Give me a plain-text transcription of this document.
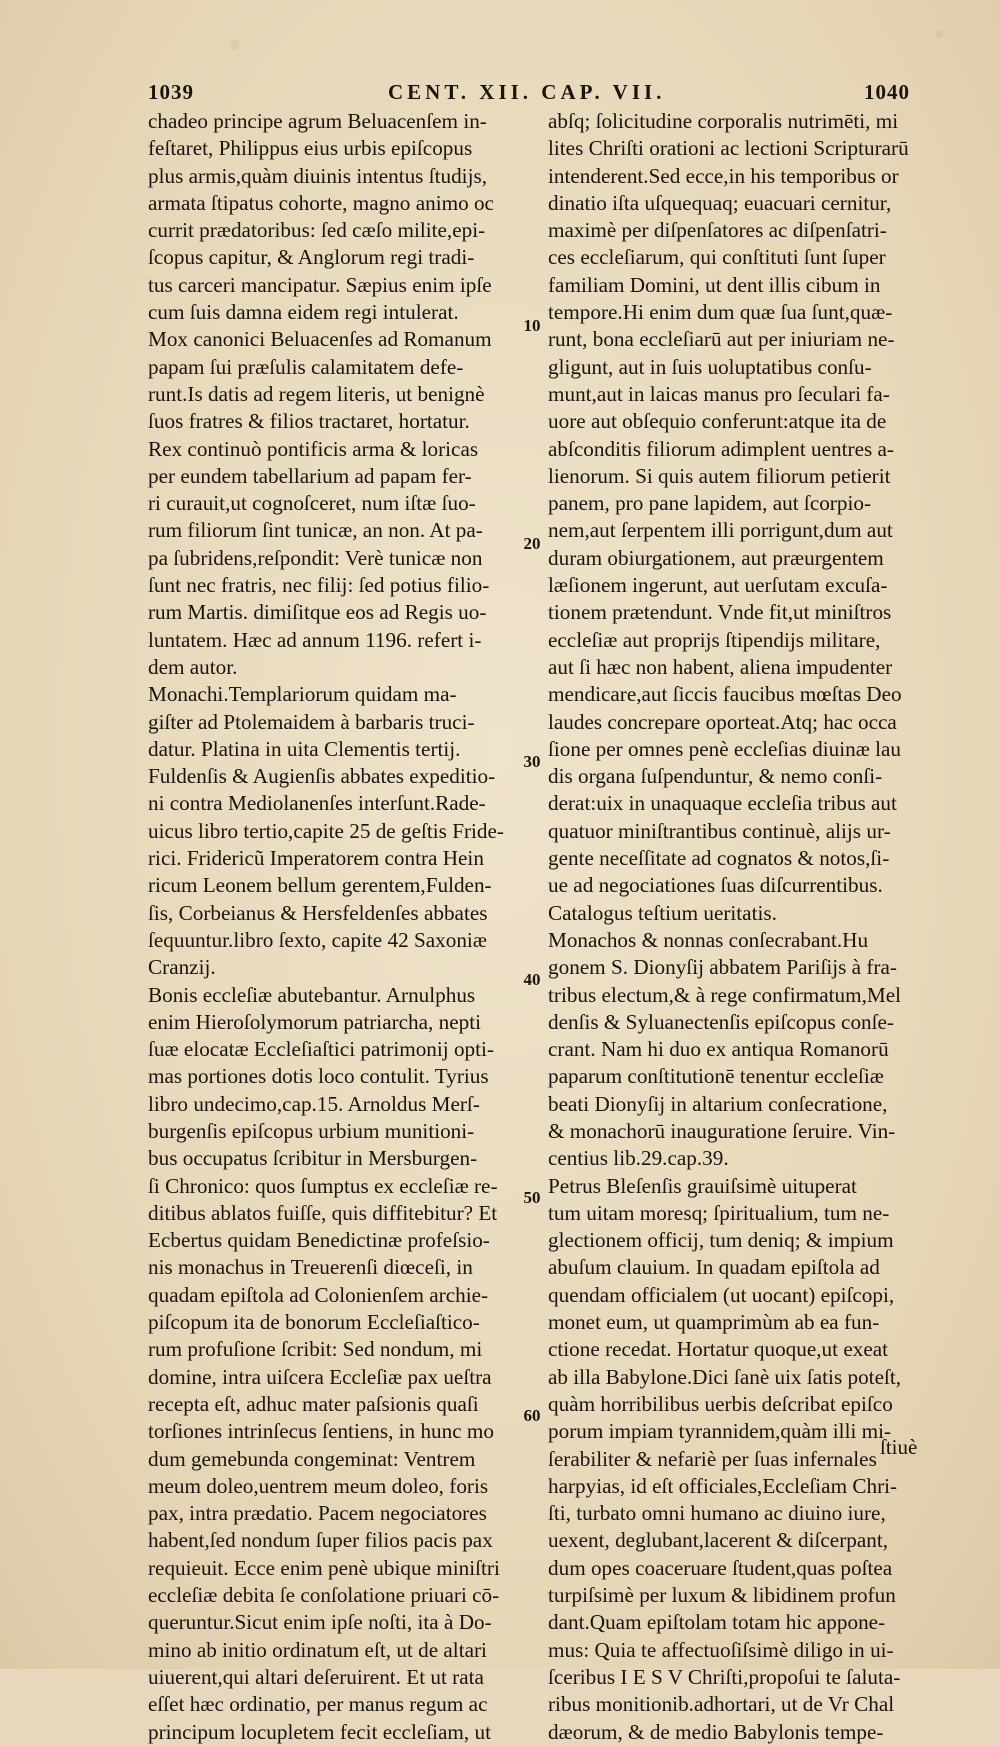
1039	CENT. XII. CAP. VII.	1040
chadeo principe agrum Beluacenſem in-
feſtaret, Philippus eius urbis epiſcopus
plus armis,quàm diuinis intentus ſtudijs,
armata ſtipatus cohorte, magno animo oc
currit prædatoribus: ſed cæſo milite,epi-
ſcopus capitur, & Anglorum regi tradi-
tus carceri mancipatur. Sæpius enim ipſe
cum ſuis damna eidem regi intulerat.
Mox canonici Beluacenſes ad Romanum
papam ſui præſulis calamitatem defe-
runt.Is datis ad regem literis, ut benignè
ſuos fratres & filios tractaret, hortatur.
Rex continuò pontificis arma & loricas
per eundem tabellarium ad papam fer-
ri curauit,ut cognoſceret, num iſtæ ſuo-
rum filiorum ſint tunicæ, an non. At pa-
pa ſubridens,reſpondit: Verè tunicæ non
ſunt nec fratris, nec filij: ſed potius filio-
rum Martis. dimiſitque eos ad Regis uo-
luntatem. Hæc ad annum 1196. refert i-
dem autor.
Monachi.Templariorum quidam ma-
giſter ad Ptolemaidem à barbaris truci-
datur. Platina in uita Clementis tertij.
Fuldenſis & Augienſis abbates expeditio-
ni contra Mediolanenſes interſunt.Rade-
uicus libro tertio,capite 25 de geſtis Fride-
rici. Fridericũ Imperatorem contra Hein
ricum Leonem bellum gerentem,Fulden-
ſis, Corbeianus & Hersfeldenſes abbates
ſequuntur.libro ſexto, capite 42 Saxoniæ
Cranzij.
Bonis eccleſiæ abutebantur. Arnulphus
enim Hieroſolymorum patriarcha, nepti
ſuæ elocatæ Eccleſiaſtici patrimonij opti-
mas portiones dotis loco contulit. Tyrius
libro undecimo,cap.15. Arnoldus Merſ-
burgenſis epiſcopus urbium munitioni-
bus occupatus ſcribitur in Mersburgen-
ſi Chronico: quos ſumptus ex eccleſiæ re-
ditibus ablatos fuiſſe, quis diffitebitur? Et
Ecbertus quidam Benedictinæ profeſsio-
nis monachus in Treuerenſi diœceſi, in
quadam epiſtola ad Colonienſem archie-
piſcopum ita de bonorum Eccleſiaſtico-
rum profuſione ſcribit: Sed nondum, mi
domine, intra uiſcera Eccleſiæ pax ueſtra
recepta eſt, adhuc mater paſsionis quaſi
torſiones intrinſecus ſentiens, in hunc mo
dum gemebunda congeminat: Ventrem
meum doleo,uentrem meum doleo, foris
pax, intra prædatio. Pacem negociatores
habent,ſed nondum ſuper filios pacis pax
requieuit. Ecce enim penè ubique miniſtri
eccleſiæ debita ſe conſolatione priuari cō-
queruntur.Sicut enim ipſe noſti, ita à Do-
mino ab initio ordinatum eſt, ut de altari
uiuerent,qui altari deſeruirent. Et ut rata
eſſet hæc ordinatio, per manus regum ac
principum locupletem fecit eccleſiam, ut
abſq; ſolicitudine corporalis nutrimēti, mi
lites Chriſti orationi ac lectioni Scripturarū
intenderent.Sed ecce,in his temporibus or
dinatio iſta uſquequaq; euacuari cernitur,
maximè per diſpenſatores ac diſpenſatri-
ces eccleſiarum, qui conſtituti ſunt ſuper
familiam Domini, ut dent illis cibum in
tempore.Hi enim dum quæ ſua ſunt,quæ-
runt, bona eccleſiarū aut per iniuriam ne-
gligunt, aut in ſuis uoluptatibus conſu-
munt,aut in laicas manus pro ſeculari fa-
uore aut obſequio conferunt:atque ita de
abſconditis filiorum adimplent uentres a-
lienorum. Si quis autem filiorum petierit
panem, pro pane lapidem, aut ſcorpio-
nem,aut ſerpentem illi porrigunt,dum aut
duram obiurgationem, aut præurgentem
læſionem ingerunt, aut uerſutam excuſa-
tionem prætendunt. Vnde fit,ut miniſtros
eccleſiæ aut proprijs ſtipendijs militare,
aut ſi hæc non habent, aliena impudenter
mendicare,aut ſiccis faucibus mœſtas Deo
laudes concrepare oporteat.Atq; hac occa
ſione per omnes penè eccleſias diuinæ lau
dis organa ſuſpenduntur, & nemo conſi-
derat:uix in unaquaque eccleſia tribus aut
quatuor miniſtrantibus continuè, alijs ur-
gente neceſſitate ad cognatos & notos,ſi-
ue ad negociationes ſuas diſcurrentibus.
Catalogus teſtium ueritatis.
Monachos & nonnas conſecrabant.Hu
gonem S. Dionyſij abbatem Pariſijs à fra-
tribus electum,& à rege confirmatum,Mel
denſis & Syluanectenſis epiſcopus conſe-
crant. Nam hi duo ex antiqua Romanorū
paparum conſtitutionē tenentur eccleſiæ
beati Dionyſij in altarium conſecratione,
& monachorū inauguratione ſeruire. Vin-
centius lib.29.cap.39.
Petrus Bleſenſis grauiſsimè uituperat
tum uitam moresq; ſpiritualium, tum ne-
glectionem officij, tum deniq; & impium
abuſum clauium. In quadam epiſtola ad
quendam officialem (ut uocant) epiſcopi,
monet eum, ut quamprimùm ab ea fun-
ctione recedat. Hortatur quoque,ut exeat
ab illa Babylone.Dici ſanè uix ſatis poteſt,
quàm horribilibus uerbis deſcribat epiſco
porum impiam tyrannidem,quàm illi mi-
ſerabiliter & nefariè per ſuas infernales
harpyias, id eſt officiales,Eccleſiam Chri-
ſti, turbato omni humano ac diuino iure,
uexent, deglubant,lacerent & diſcerpant,
dum opes coaceruare ſtudent,quas poſtea
turpiſsimè per luxum & libidinem profun
dant.Quam epiſtolam totam hic appone-
mus: Quia te affectuoſiſsimè diligo in ui-
ſceribus I E S V Chriſti,propoſui te ſaluta-
ribus monitionib.adhortari, ut de Vr Chal
dæorum, & de medio Babylonis tempe-
10
20
30
40
50
60
ſtiuè
